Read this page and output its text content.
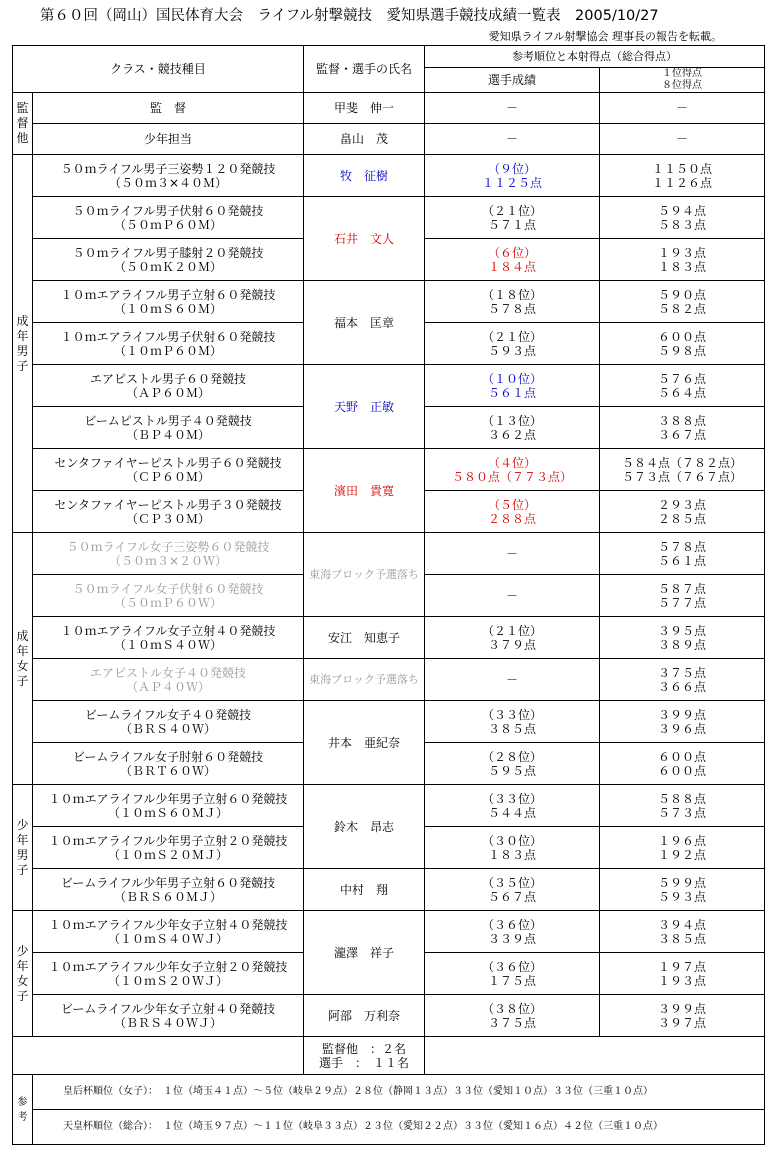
第６０回（岡山）国民体育大会　ライフル射撃競技　愛知県選手競技成績一覧表　2005/10/27
愛知県ライフル射撃協会 理事長の報告を転載。
クラス・競技種目		監督・選手の氏名	参考順位と本射得点（総合得点）	
			選手成績	１位得点
８位得点

監督他	監　督	甲斐　伸一	－	－
	少年担当	畠山　茂	－	－

成年男子	５０ｍライフル男子三姿勢１２０発競技
（５０ｍ３×４０Ｍ）	牧　征樹	（９位）
１１２５点	１１５０点
１１２６点

	５０ｍライフル男子伏射６０発競技
（５０ｍＰ６０Ｍ）	石井　文人	（２１位）
５７１点	５９４点
５８３点

	５０ｍライフル男子膝射２０発競技
（５０ｍＫ２０Ｍ）		（６位）
１８４点	１９３点
１８３点

	１０ｍエアライフル男子立射６０発競技
（１０ｍＳ６０Ｍ）	福本　匡章	（１８位）
５７８点	５９０点
５８２点

	１０ｍエアライフル男子伏射６０発競技
（１０ｍＰ６０Ｍ）		（２１位）
５９３点	６００点
５９８点

	エアピストル男子６０発競技
（ＡＰ６０Ｍ）	天野　正敏	（１０位）
５６１点	５７６点
５６４点

	ビームピストル男子４０発競技
（ＢＰ４０Ｍ）		（１３位）
３６２点	３８８点
３６７点

	センタファイヤーピストル男子６０発競技
（ＣＰ６０Ｍ）	濱田　貴寛	（４位）
５８０点（７７３点）	５８４点（７８２点）
５７３点（７６７点）

	センタファイヤーピストル男子３０発競技
（ＣＰ３０Ｍ）		（５位）
２８８点	２９３点
２８５点

成年女子	５０ｍライフル女子三姿勢６０発競技
（５０ｍ３×２０Ｗ）	東海ブロック予選落ち	－	５７８点
５６１点

	５０ｍライフル女子伏射６０発競技
（５０ｍＰ６０Ｗ）		－	５８７点
５７７点

	１０ｍエアライフル女子立射４０発競技
（１０ｍＳ４０Ｗ）	安江　知恵子	（２１位）
３７９点	３９５点
３８９点

	エアピストル女子４０発競技
（ＡＰ４０Ｗ）	東海ブロック予選落ち	－	３７５点
３６６点

	ビームライフル女子４０発競技
（ＢＲＳ４０Ｗ）	井本　亜紀奈	（３３位）
３８５点	３９９点
３９６点

	ビームライフル女子肘射６０発競技
（ＢＲＴ６０Ｗ）		（２８位）
５９５点	６００点
６００点

少年男子	１０ｍエアライフル少年男子立射６０発競技
（１０ｍＳ６０ＭＪ）	鈴木　昂志	（３３位）
５４４点	５８８点
５７３点

	１０ｍエアライフル少年男子立射２０発競技
（１０ｍＳ２０ＭＪ）		（３０位）
１８３点	１９６点
１９２点

	ビームライフル少年男子立射６０発競技
（ＢＲＳ６０ＭＪ）	中村　翔	（３５位）
５６７点	５９９点
５９３点

少年女子	１０ｍエアライフル少年女子立射４０発競技
（１０ｍＳ４０ＷＪ）	瀧澤　祥子	（３６位）
３３９点	３９４点
３８５点

	１０ｍエアライフル少年女子立射２０発競技
（１０ｍＳ２０ＷＪ）		（３６位）
１７５点	１９７点
１９３点

	ビームライフル少年女子立射４０発競技
（ＢＲＳ４０ＷＪ）	阿部　万利奈	（３８位）
３７５点	３９９点
３９７点

		監督他　：２名
選手　：　１１名		

参考	皇后杯順位（女子）：　１位（埼玉４１点）～５位（岐阜２９点）２８位（静岡１３点）３３位（愛知１０点）３３位（三重１０点）			
	天皇杯順位（総合）：　１位（埼玉９７点）～１１位（岐阜３３点）２３位（愛知２２点）３３位（愛知１６点）４２位（三重１０点）			
